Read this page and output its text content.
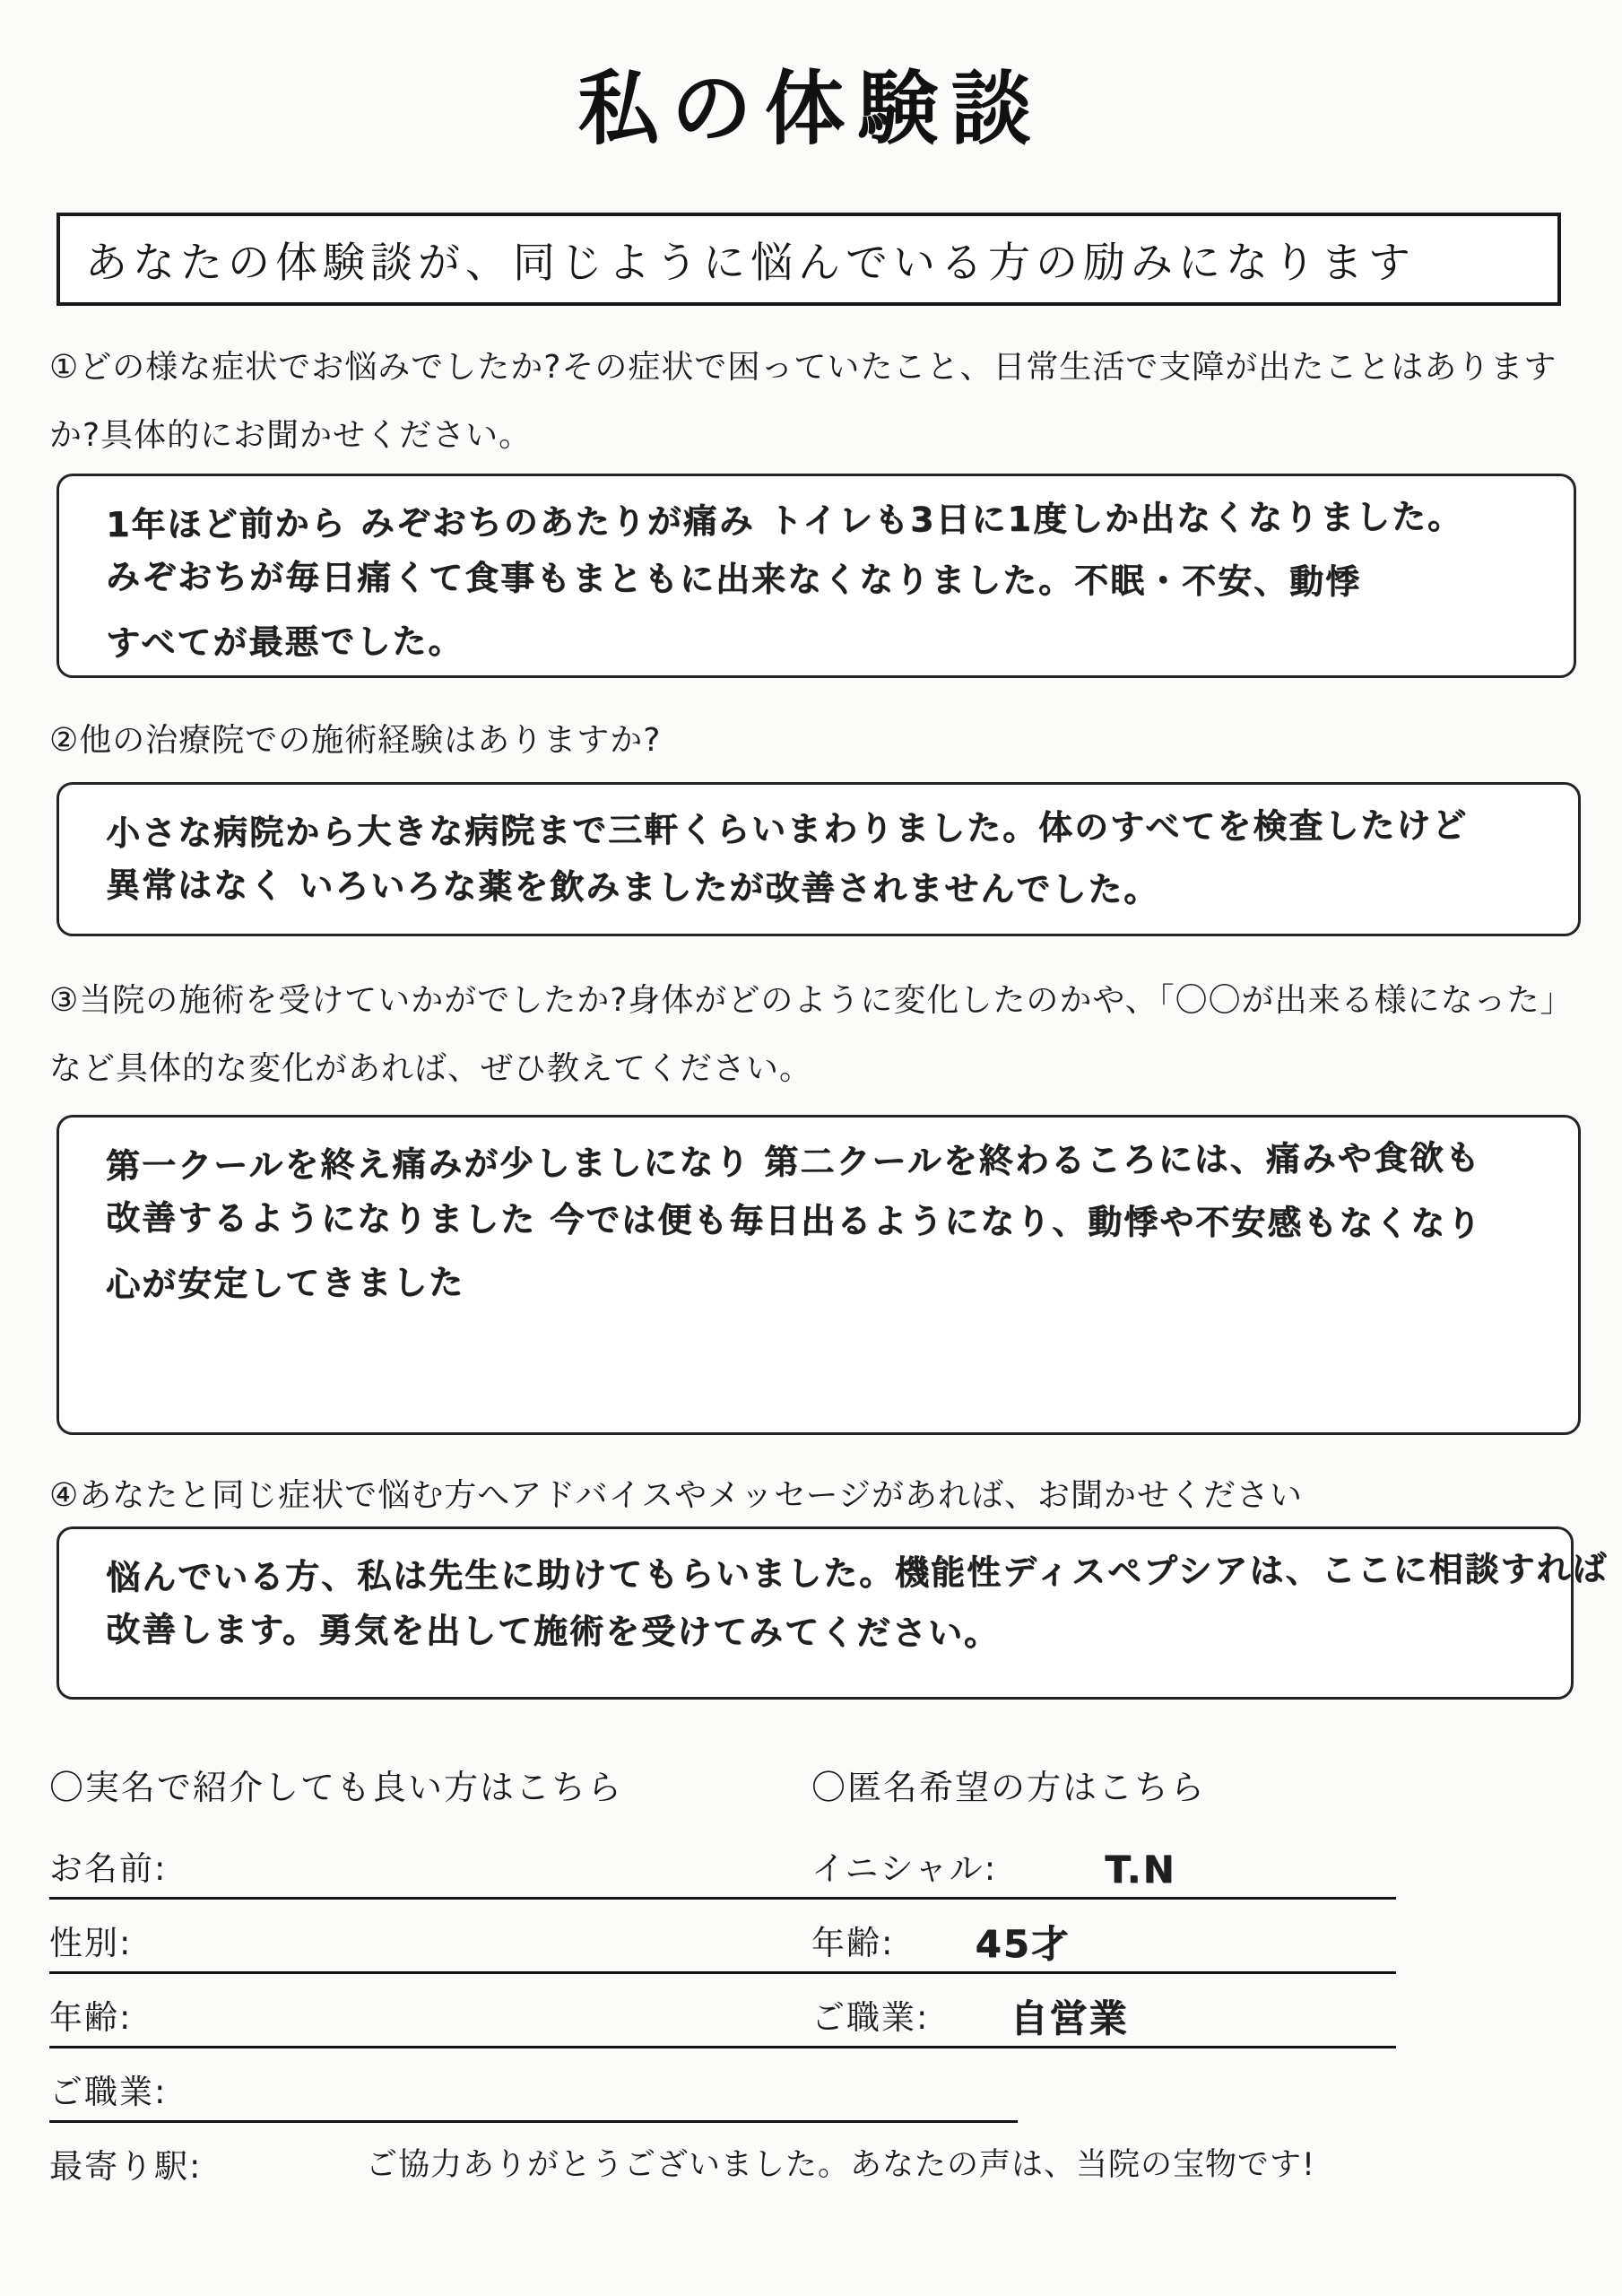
私の体験談
あなたの体験談が、同じように悩んでいる方の励みになります

①どの様な症状でお悩みでしたか?その症状で困っていたこと、日常生活で支障が出たことはありますか?具体的にお聞かせください。

1年ほど前から みぞおちのあたりが痛み トイレも3日に1度しか出なくなりました。
みぞおちが毎日痛くて食事もまともに出来なくなりました。不眠・不安、動悸
すべてが最悪でした。

②他の治療院での施術経験はありますか?

小さな病院から大きな病院まで三軒くらいまわりました。体のすべてを検査したけど
異常はなく いろいろな薬を飲みましたが改善されませんでした。

③当院の施術を受けていかがでしたか?身体がどのように変化したのかや、「〇〇が出来る様になった」など具体的な変化があれば、ぜひ教えてください。

第一クールを終え痛みが少しましになり 第二クールを終わるころには、痛みや食欲も
改善するようになりました 今では便も毎日出るようになり、動悸や不安感もなくなり
心が安定してきました

④あなたと同じ症状で悩む方へアドバイスやメッセージがあれば、お聞かせください

悩んでいる方、私は先生に助けてもらいました。機能性ディスペプシアは、ここに相談すれば
改善します。勇気を出して施術を受けてみてください。

〇実名で紹介しても良い方はこちら

お名前:
性別:
年齢:
ご職業:
最寄り駅:

〇匿名希望の方はこちら

イニシャル:	T.N
年齢: 45才
ご職業: 自営業

ご協力ありがとうございました。あなたの声は、当院の宝物です!
